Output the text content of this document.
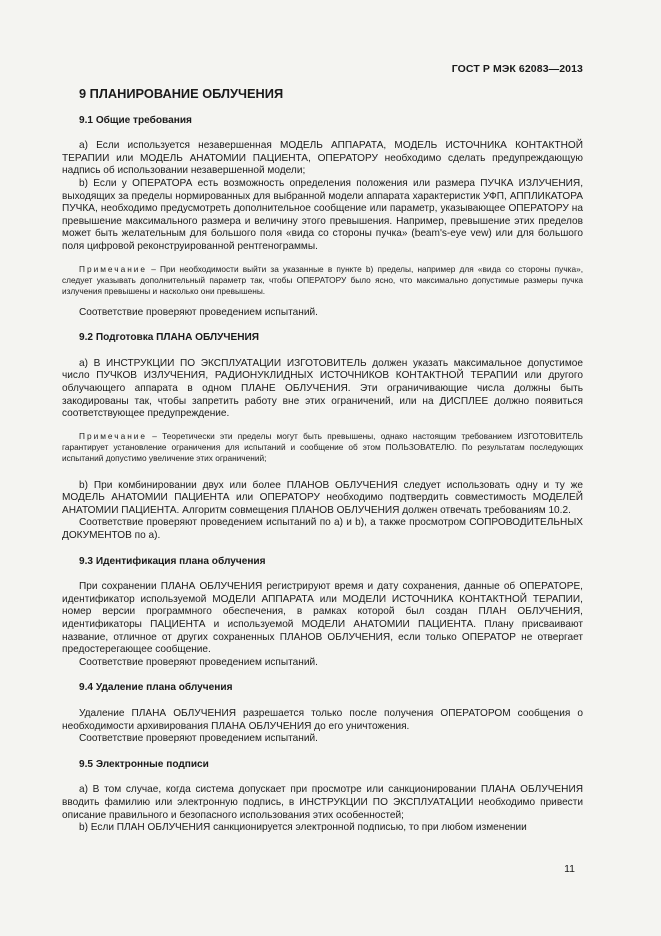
ГОСТ Р МЭК 62083—2013
9 ПЛАНИРОВАНИЕ ОБЛУЧЕНИЯ
9.1 Общие требования

а) Если используется незавершенная МОДЕЛЬ АППАРАТА, МОДЕЛЬ ИСТОЧНИКА КОНТАКТНОЙ ТЕРАПИИ или МОДЕЛЬ АНАТОМИИ ПАЦИЕНТА, ОПЕРАТОРУ необходимо сделать предупреждающую надпись об использовании незавершенной модели;

b) Если у ОПЕРАТОРА есть возможность определения положения или размера ПУЧКА ИЗЛУЧЕНИЯ, выходящих за пределы нормированных для выбранной модели аппарата характеристик УФП, АППЛИКАТОРА ПУЧКА, необходимо предусмотреть дополнительное сообщение или параметр, указывающее ОПЕРАТОРУ на превышение максимального размера и величину этого превышения. Например, превышение этих пределов может быть желательным для большого поля «вида со стороны пучка» (beam's-eye vew) или для большого поля цифровой реконструированной рентгенограммы.

Примечание – При необходимости выйти за указанные в пункте b) пределы, например для «вида со стороны пучка», следует указывать дополнительный параметр так, чтобы ОПЕРАТОРУ было ясно, что максимально допустимые размеры пучка излучения превышены и насколько они превышены.

Соответствие проверяют проведением испытаний.

9.2 Подготовка ПЛАНА ОБЛУЧЕНИЯ

а) В ИНСТРУКЦИИ ПО ЭКСПЛУАТАЦИИ ИЗГОТОВИТЕЛЬ должен указать максимальное допустимое число ПУЧКОВ ИЗЛУЧЕНИЯ, РАДИОНУКЛИДНЫХ ИСТОЧНИКОВ КОНТАКТНОЙ ТЕРАПИИ или другого облучающего аппарата в одном ПЛАНЕ ОБЛУЧЕНИЯ. Эти ограничивающие числа должны быть закодированы так, чтобы запретить работу вне этих ограничений, или на ДИСПЛЕЕ должно появиться соответствующее предупреждение.

Примечание – Теоретически эти пределы могут быть превышены, однако настоящим требованием ИЗГОТОВИТЕЛЬ гарантирует установление ограничения для испытаний и сообщение об этом ПОЛЬЗОВАТЕЛЮ. По результатам последующих испытаний допустимо увеличение этих ограничений;

b) При комбинировании двух или более ПЛАНОВ ОБЛУЧЕНИЯ следует использовать одну и ту же МОДЕЛЬ АНАТОМИИ ПАЦИЕНТА или ОПЕРАТОРУ необходимо подтвердить совместимость МОДЕЛЕЙ АНАТОМИИ ПАЦИЕНТА. Алгоритм совмещения ПЛАНОВ ОБЛУЧЕНИЯ должен отвечать требованиям 10.2.

Соответствие проверяют проведением испытаний по а) и b), а также просмотром СОПРОВОДИТЕЛЬНЫХ ДОКУМЕНТОВ по а).

9.3 Идентификация плана облучения

При сохранении ПЛАНА ОБЛУЧЕНИЯ регистрируют время и дату сохранения, данные об ОПЕРАТОРЕ, идентификатор используемой МОДЕЛИ АППАРАТА или МОДЕЛИ ИСТОЧНИКА КОНТАКТНОЙ ТЕРАПИИ, номер версии программного обеспечения, в рамках которой был создан ПЛАН ОБЛУЧЕНИЯ, идентификаторы ПАЦИЕНТА и используемой МОДЕЛИ АНАТОМИИ ПАЦИЕНТА. Плану присваивают название, отличное от других сохраненных ПЛАНОВ ОБЛУЧЕНИЯ, если только ОПЕРАТОР не отвергает предостерегающее сообщение.

Соответствие проверяют проведением испытаний.

9.4 Удаление плана облучения

Удаление ПЛАНА ОБЛУЧЕНИЯ разрешается только после получения ОПЕРАТОРОМ сообщения о необходимости архивирования ПЛАНА ОБЛУЧЕНИЯ до его уничтожения.

Соответствие проверяют проведением испытаний.

9.5 Электронные подписи

а) В том случае, когда система допускает при просмотре или санкционировании ПЛАНА ОБЛУЧЕНИЯ вводить фамилию или электронную подпись, в ИНСТРУКЦИИ ПО ЭКСПЛУАТАЦИИ необходимо привести описание правильного и безопасного использования этих особенностей;

b) Если ПЛАН ОБЛУЧЕНИЯ санкционируется электронной подписью, то при любом изменении

11
